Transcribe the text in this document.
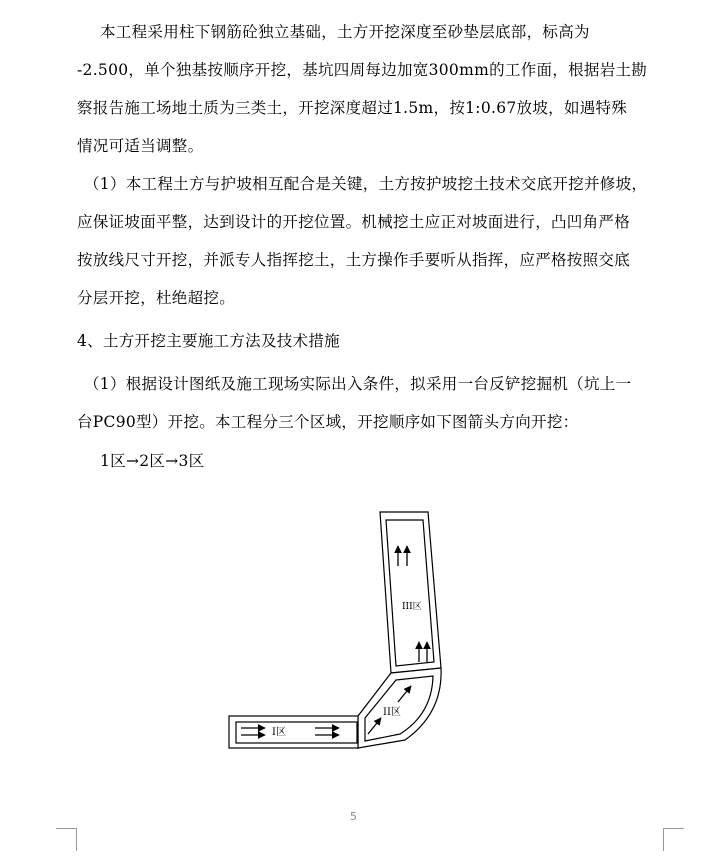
本工程采用柱下钢筋砼独立基础，土方开挖深度至砂垫层底部，标高为
-2.500，单个独基按顺序开挖，基坑四周每边加宽300mm的工作面，根据岩土勘
察报告施工场地土质为三类土，开挖深度超过1.5m，按1:0.67放坡，如遇特殊
情况可适当调整。
（1）本工程土方与护坡相互配合是关键，土方按护坡挖土技术交底开挖并修坡，
应保证坡面平整，达到设计的开挖位置。机械挖土应正对坡面进行，凸凹角严格
按放线尺寸开挖，并派专人指挥挖土，土方操作手要听从指挥，应严格按照交底
分层开挖，杜绝超挖。
4、土方开挖主要施工方法及技术措施
（1）根据设计图纸及施工现场实际出入条件，拟采用一台反铲挖掘机（坑上一
台PC90型）开挖。本工程分三个区域，开挖顺序如下图箭头方向开挖：
1区→2区→3区
I区
II区
III区
5
